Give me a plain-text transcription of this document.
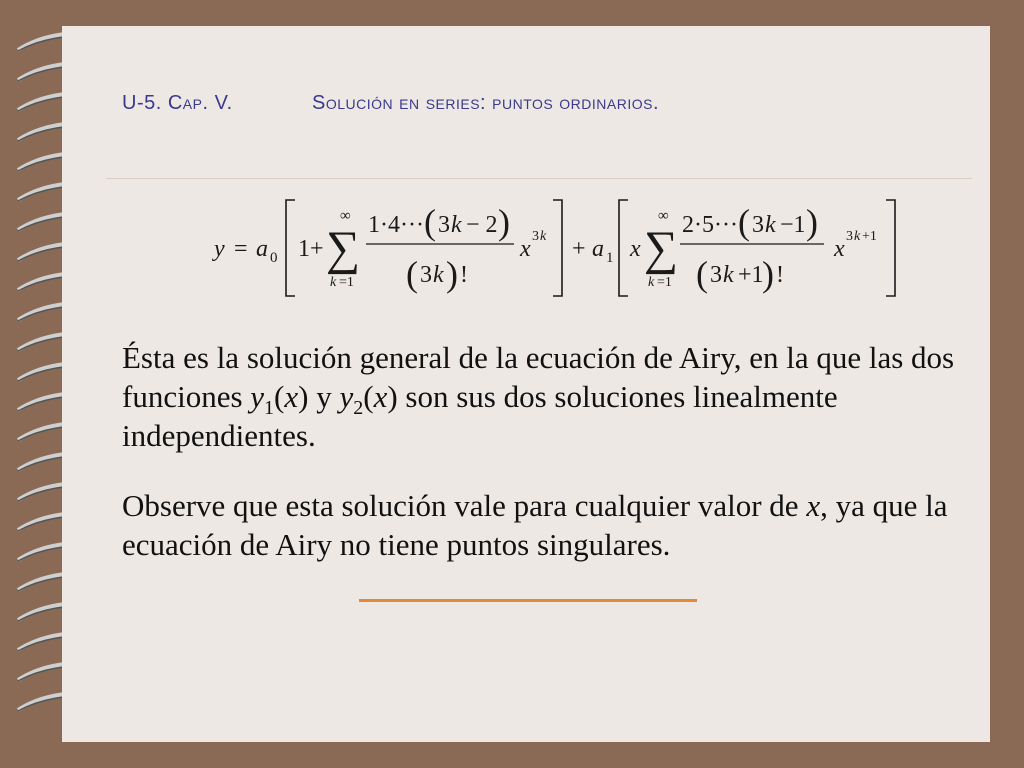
U-5. Cap. V.	Solución en series: puntos ordinarios.
y = a 0 1+ ∑
∞
k =1
1·4··· ( 3 k − 2 )
( 3 k ) !
x 3 k + a 1 x ∑
∞
k =1
2·5··· ( 3 k −1 )
( 3 k +1
) !
x 3 k +1
Ésta es la solución general de la ecuación de Airy, en la que las dos funciones $y_1(x)$ y $y_2(x)$ son sus dos soluciones linealmente independientes.
Observe que esta solución vale para cualquier valor de x, ya que la ecuación de Airy no tiene puntos singulares.
